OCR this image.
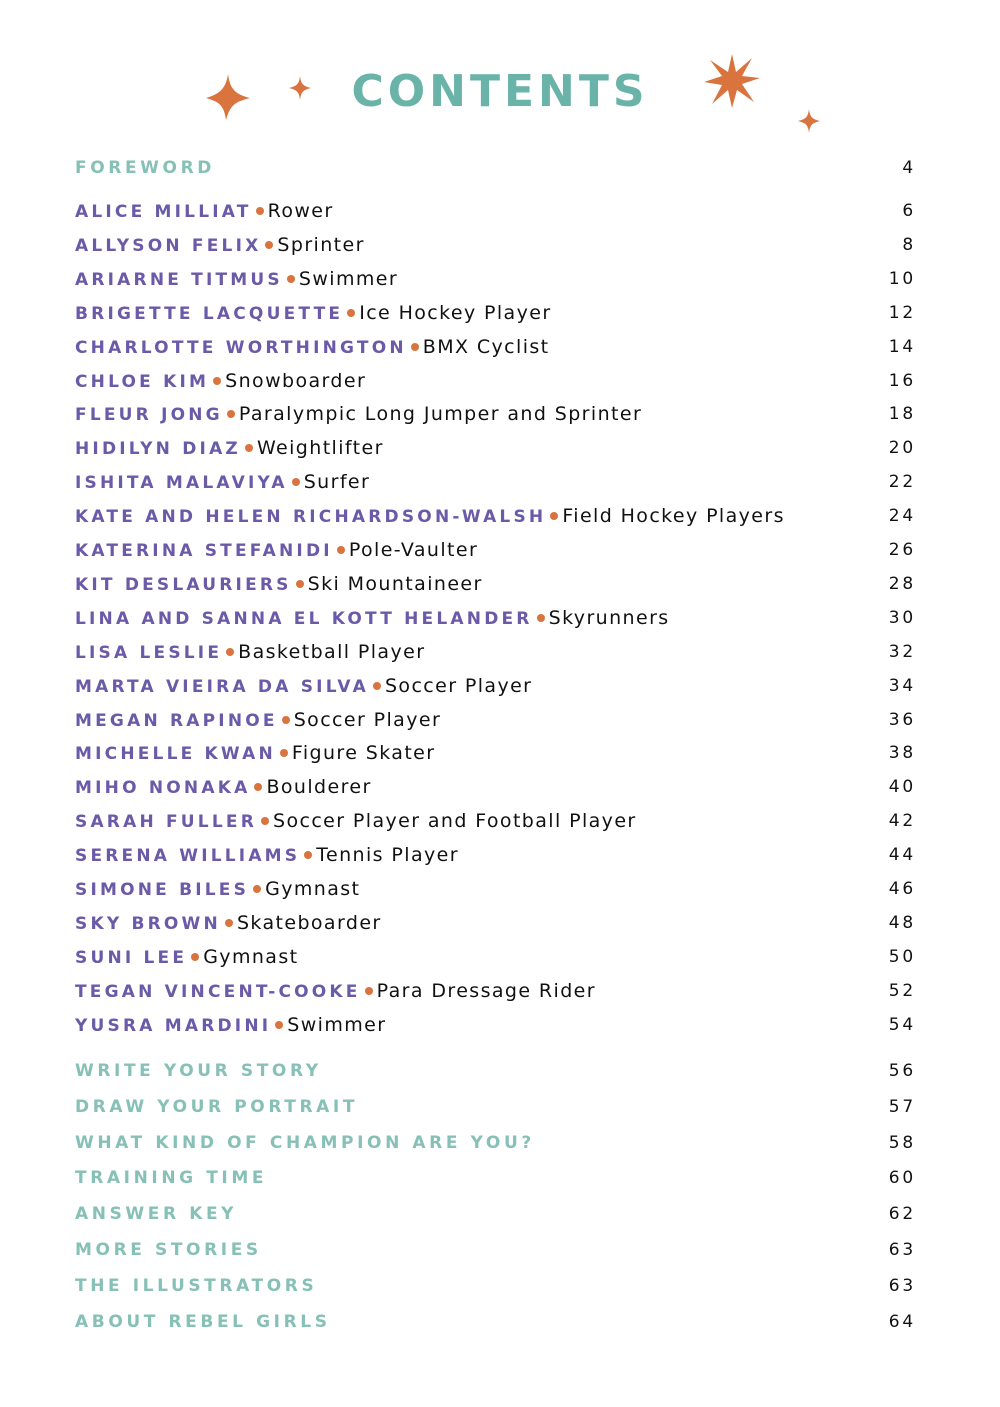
CONTENTS
FOREWORD	4
ALICE MILLIAT Rower	6
ALLYSON FELIX Sprinter	8
ARIARNE TITMUS Swimmer	10
BRIGETTE LACQUETTE Ice Hockey Player	12
CHARLOTTE WORTHINGTON BMX Cyclist	14
CHLOE KIM Snowboarder	16
FLEUR JONG Paralympic Long Jumper and Sprinter	18
HIDILYN DIAZ Weightlifter	20
ISHITA MALAVIYA Surfer	22
KATE AND HELEN RICHARDSON-WALSH Field Hockey Players	24
KATERINA STEFANIDI Pole-Vaulter	26
KIT DESLAURIERS Ski Mountaineer	28
LINA AND SANNA EL KOTT HELANDER Skyrunners	30
LISA LESLIE Basketball Player	32
MARTA VIEIRA DA SILVA Soccer Player	34
MEGAN RAPINOE Soccer Player	36
MICHELLE KWAN Figure Skater	38
MIHO NONAKA Boulderer	40
SARAH FULLER Soccer Player and Football Player	42
SERENA WILLIAMS Tennis Player	44
SIMONE BILES Gymnast	46
SKY BROWN Skateboarder	48
SUNI LEE Gymnast	50
TEGAN VINCENT-COOKE Para Dressage Rider	52
YUSRA MARDINI Swimmer	54
WRITE YOUR STORY	56
DRAW YOUR PORTRAIT	57
WHAT KIND OF CHAMPION ARE YOU?	58
TRAINING TIME	60
ANSWER KEY	62
MORE STORIES	63
THE ILLUSTRATORS	63
ABOUT REBEL GIRLS	64
